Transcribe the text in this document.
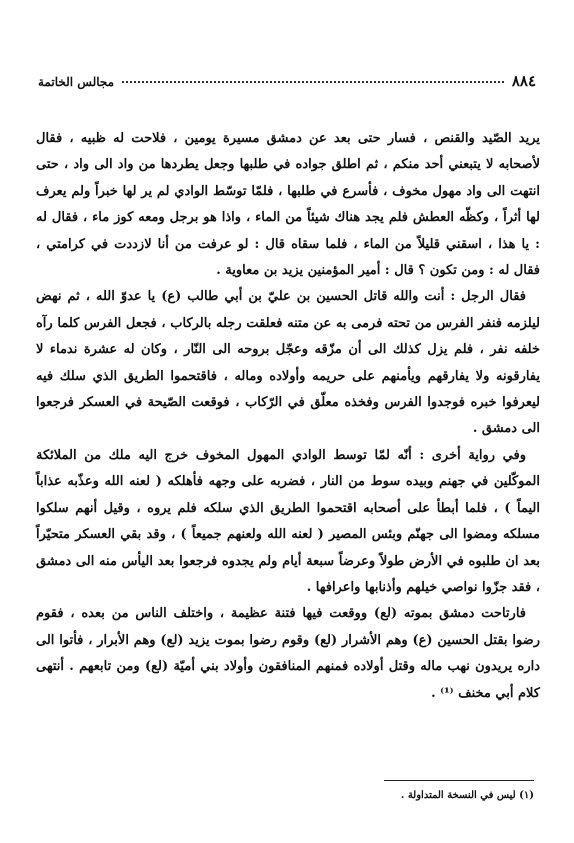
٨٨٤
مجالس الخاتمة

يريد الصّيد والقنص ، فسار حتى بعد عن دمشق مسيرة يومين ، فلاحت له ظبيه ، فقال لأصحابه لا يتبعني أحد منكم ، ثم اطلق جواده في طلبها وجعل يطردها من واد الى واد ، حتى انتهت الى واد مهول مخوف ، فأسرع في طلبها ، فلمّا توسّط الوادي لم ير لها خبراً ولم يعرف لها أثراً ، وكظّه العطش فلم يجد هناك شيئاً من الماء ، واذا هو برجل ومعه كوز ماء ، فقال له : يا هذا ، اسقني قليلاً من الماء ، فلما سقاه قال : لو عرفت من أنا لازددت في كرامتي ، فقال له : ومن تكون ؟ قال : أمير المؤمنين يزيد بن معاوية .

فقال الرجل : أنت والله قاتل الحسين بن عليّ بن أبي طالب (ع) يا عدوّ الله ، ثم نهض ليلزمه فنفر الفرس من تحته فرمى به عن متنه فعلقت رجله بالركاب ، فجعل الفرس كلما رآه خلفه نفر ، فلم يزل كذلك الى أن مزّقه وعجّل بروحه الى النّار ، وكان له عشرة ندماء لا يفارقونه ولا يفارقهم ويأمنهم على حريمه وأولاده وماله ، فاقتحموا الطريق الذي سلك فيه ليعرفوا خبره فوجدوا الفرس وفخذه معلّق في الرّكاب ، فوقعت الصّيحة في العسكر فرجعوا الى دمشق .

وفي رواية أخرى : أنّه لمّا توسط الوادي المهول المخوف خرج اليه ملك من الملائكة الموكّلين في جهنم وبيده سوط من النار ، فضربه على وجهه فأهلكه ( لعنه الله وعذّبه عذاباً اليماً ) ، فلما أبطأ على أصحابه اقتحموا الطريق الذي سلكه فلم يروه ، وقيل أنهم سلكوا مسلكه ومضوا الى جهنّم وبئس المصير ( لعنه الله ولعنهم جميعاً ) ، وقد بقي العسكر متحيّراً بعد ان طلبوه في الأرض طولاً وعرضاً سبعة أيام ولم يجدوه فرجعوا بعد اليأس منه الى دمشق ، فقد جزّوا نواصي خيلهم وأذنابها واعرافها .

فارتاحت دمشق بموته (لع) ووقعت فيها فتنة عظيمة ، واختلف الناس من بعده ، فقوم رضوا بقتل الحسين (ع) وهم الأشرار (لع) وقوم رضوا بموت يزيد (لع) وهم الأبرار ، فأتوا الى داره يريدون نهب ماله وقتل أولاده فمنهم المنافقون وأولاد بني أميّة (لع) ومن تابعهم . أنتهى كلام أبي مخنف ⁽¹⁾ .

(١) ليس في النسخة المتداولة .
